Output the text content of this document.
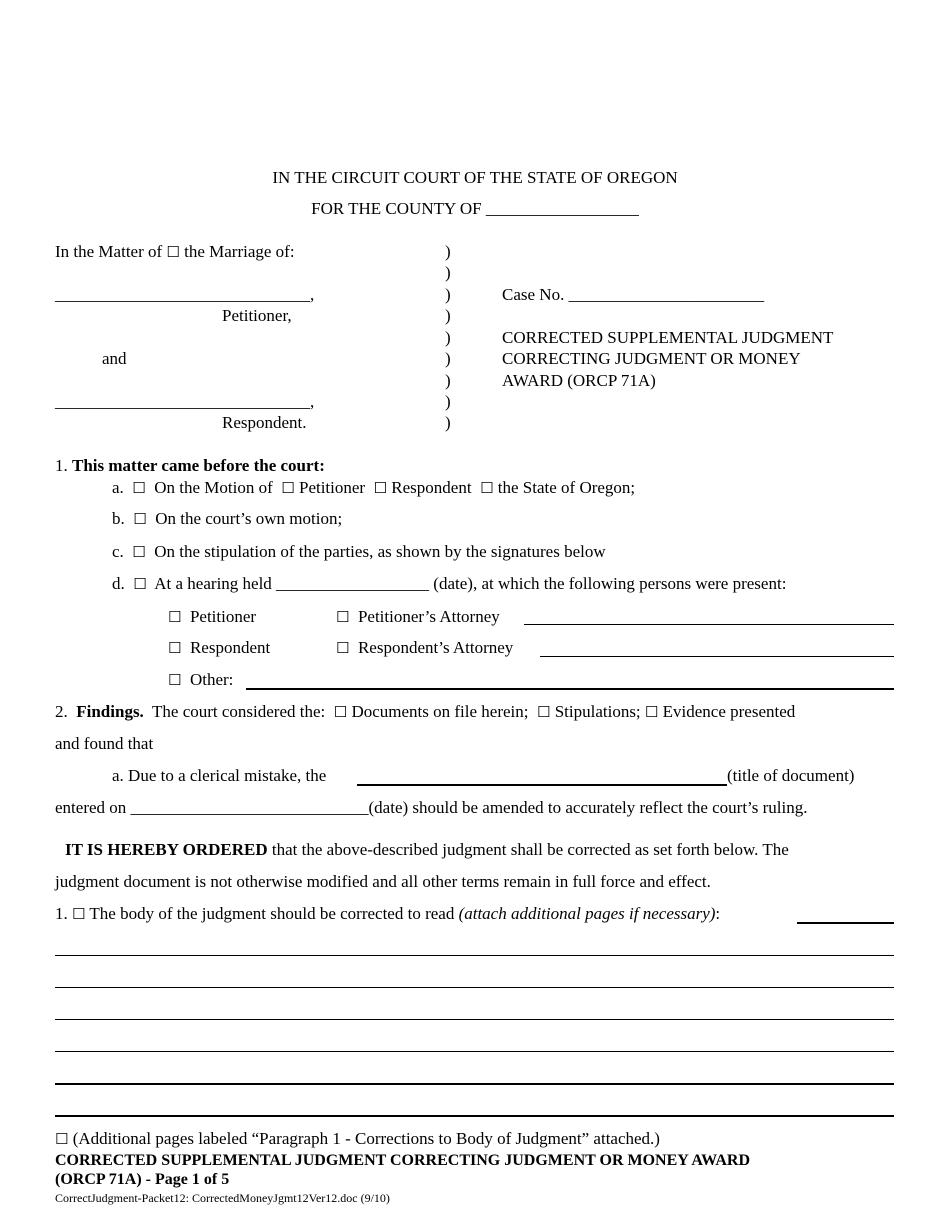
IN THE CIRCUIT COURT OF THE STATE OF OREGON
FOR THE COUNTY OF __________________
In the Matter of ☐ the Marriage of:
______________________________,
Petitioner,
and
______________________________,
Respondent.
)
)
)
)
)
)
)
)
)
Case No. _______________________
CORRECTED SUPPLEMENTAL JUDGMENT
CORRECTING JUDGMENT OR MONEY
AWARD (ORCP 71A)
1. This matter came before the court:
a. ☐ On the Motion of ☐ Petitioner ☐ Respondent ☐ the State of Oregon;
b. ☐ On the court’s own motion;
c. ☐ On the stipulation of the parties, as shown by the signatures below
d. ☐ At a hearing held __________________ (date), at which the following persons were present:
☐ Petitioner	☐ Petitioner’s Attorney
☐ Respondent	☐ Respondent’s Attorney
☐ Other:
2. Findings. The court considered the: ☐ Documents on file herein; ☐ Stipulations; ☐ Evidence presented
and found that
a. Due to a clerical mistake, the	(title of document)
entered on ____________________________(date) should be amended to accurately reflect the court’s ruling.
IT IS HEREBY ORDERED that the above-described judgment shall be corrected as set forth below. The
judgment document is not otherwise modified and all other terms remain in full force and effect.
1. ☐ The body of the judgment should be corrected to read (attach additional pages if necessary):
☐ (Additional pages labeled “Paragraph 1 - Corrections to Body of Judgment” attached.)
CORRECTED SUPPLEMENTAL JUDGMENT CORRECTING JUDGMENT OR MONEY AWARD
(ORCP 71A) - Page 1 of 5
CorrectJudgment-Packet12: CorrectedMoneyJgmt12Ver12.doc (9/10)
